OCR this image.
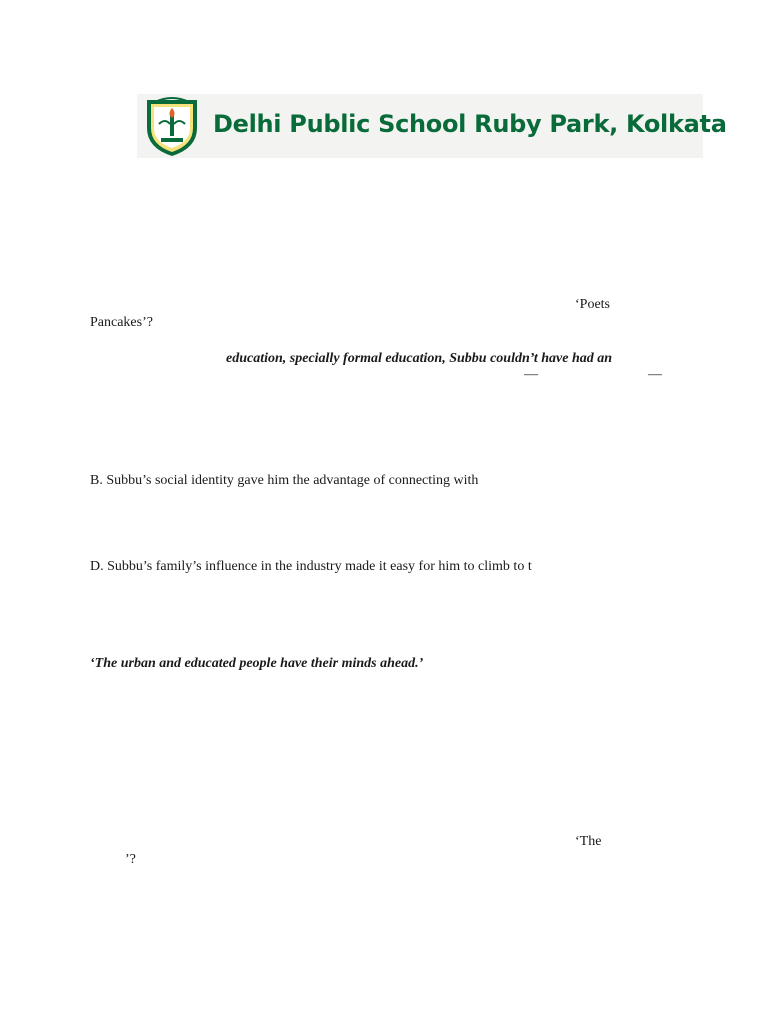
Delhi Public School Ruby Park, Kolkata

‘Poets

Pancakes’?

education, specially formal education, Subbu couldn’t have had an

—	—

B. Subbu’s social identity gave him the advantage of connecting with

D. Subbu’s family’s influence in the industry made it easy for him to climb to t

‘The urban and educated people have their minds ahead.’

‘The

’?
